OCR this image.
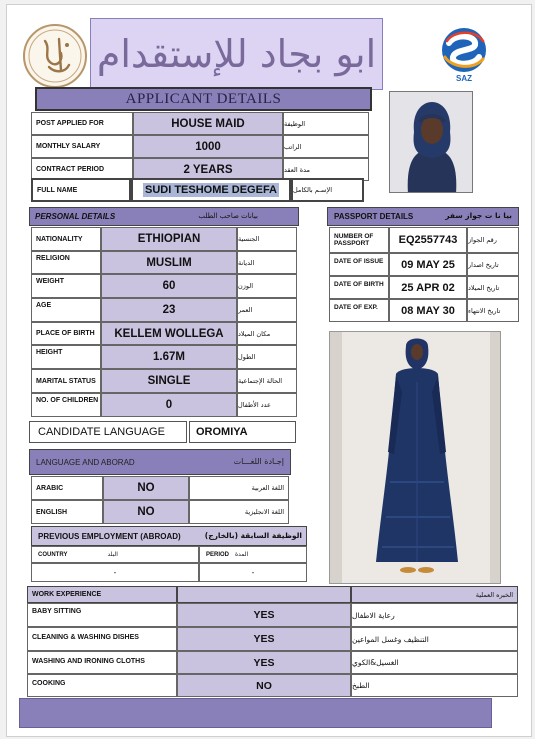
ابو بجاد للإستقدام
SAZ
APPLICANT DETAILS
POST APPLIED FOR	HOUSE MAID	الوظيفة
MONTHLY SALARY	1000	الراتب
CONTRACT PERIOD	2 YEARS	مدة العقد
FULL NAME	SUDI TESHOME DEGEFA	الإسـم بالكامل
PERSONAL DETAILS	بيانات صاحب الطلب
NATIONALITY	ETHIOPIAN	الجنسية
RELIGION	MUSLIM	الديانة
WEIGHT	60	الوزن
AGE	23	العمر
PLACE OF BIRTH	KELLEM WOLLEGA	مكان الميلاد
HEIGHT	1.67M	الطول
MARITAL STATUS	SINGLE	الحالة الإجتماعية
NO. OF CHILDREN	0	عدد الأطفال
PASSPORT DETAILS	بيا نا ت جواز سفر
NUMBER OF PASSPORT	EQ2557743	رقم الجواز
DATE OF ISSUE	09 MAY 25	تاريخ اصدار
DATE OF BIRTH	25 APR 02	تاريخ الميلاد
DATE OF EXP.	08 MAY 30	تاريخ الانتهاء
CANDIDATE LANGUAGE	OROMIYA
LANGUAGE AND ABORAD	إجـادة اللغـــات
ARABIC	NO	اللغة العربية
ENGLISH	NO	اللغة الانجليزية
PREVIOUS EMPLOYMENT (ABROAD)	الوظيفة السابقة (بالخارج)
COUNTRY	البلد	PERIOD المدة
-	-
WORK EXPERIENCE	الخبره العملية
BABY SITTING	YES	رعاية الاطفال
CLEANING & WASHING DISHES	YES	التنظيف وغسل المواعين
WASHING AND IRONING CLOTHS	YES	الغسيل&الكوي
COOKING	NO	الطبخ
